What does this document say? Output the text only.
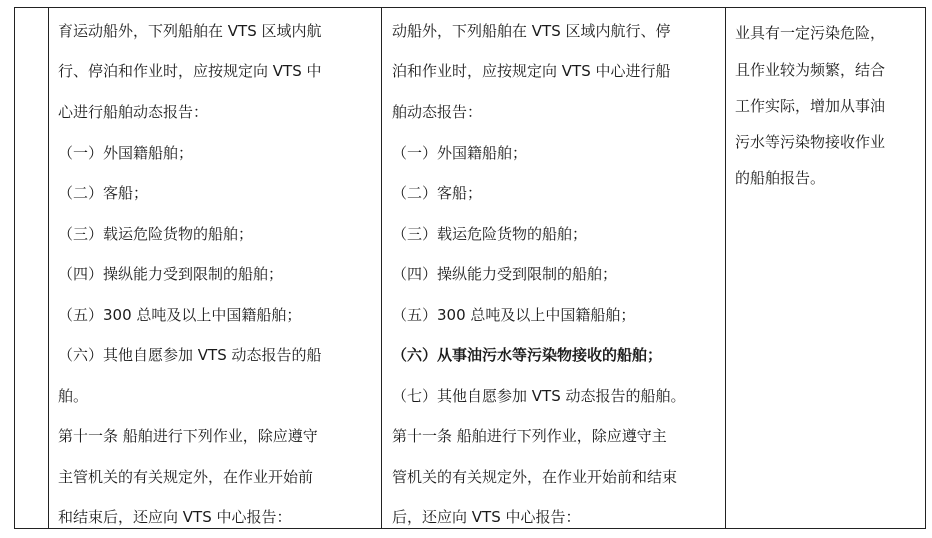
育运动船外，下列船舶在 VTS 区域内航
行、停泊和作业时，应按规定向 VTS 中
心进行船舶动态报告：
（一）外国籍船舶；
（二）客船；
（三）载运危险货物的船舶；
（四）操纵能力受到限制的船舶；
（五）300 总吨及以上中国籍船舶；
（六）其他自愿参加 VTS 动态报告的船
舶。
第十一条 船舶进行下列作业，除应遵守
主管机关的有关规定外，在作业开始前
和结束后，还应向 VTS 中心报告：
动船外，下列船舶在 VTS 区域内航行、停
泊和作业时，应按规定向 VTS 中心进行船
舶动态报告：
（一）外国籍船舶；
（二）客船；
（三）载运危险货物的船舶；
（四）操纵能力受到限制的船舶；
（五）300 总吨及以上中国籍船舶；
（六）从事油污水等污染物接收的船舶；
（七）其他自愿参加 VTS 动态报告的船舶。
第十一条 船舶进行下列作业，除应遵守主
管机关的有关规定外，在作业开始前和结束
后，还应向 VTS 中心报告：
业具有一定污染危险，
且作业较为频繁，结合
工作实际，增加从事油
污水等污染物接收作业
的船舶报告。
